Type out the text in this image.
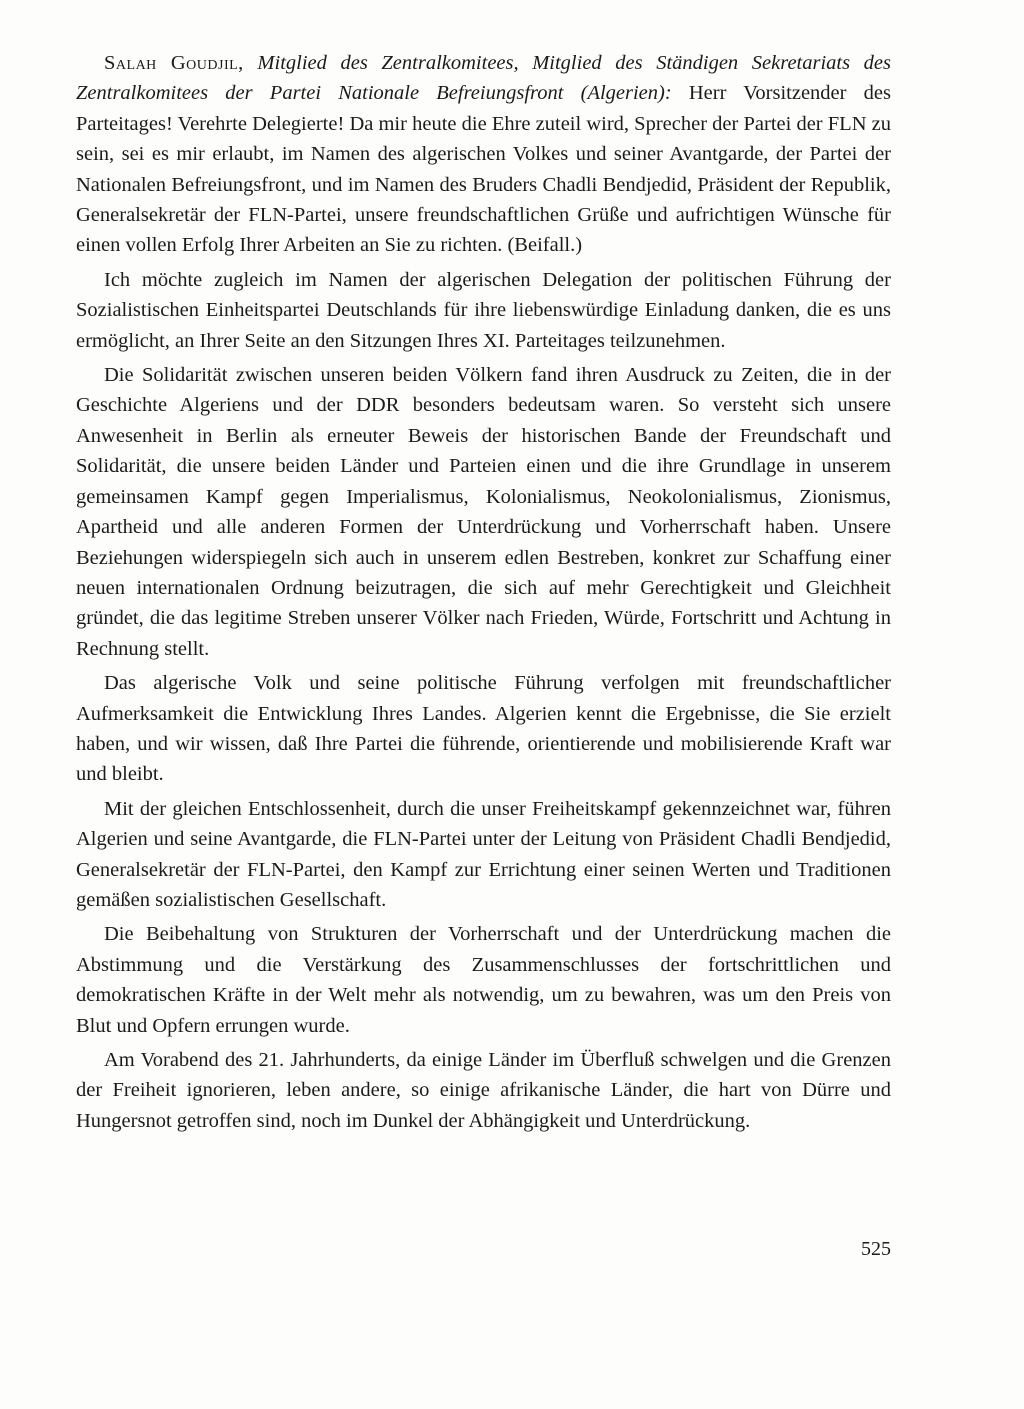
Salah Goudjil, Mitglied des Zentralkomitees, Mitglied des Ständigen Sekretariats des Zentralkomitees der Partei Nationale Befreiungsfront (Algerien): Herr Vorsitzender des Parteitages! Verehrte Delegierte! Da mir heute die Ehre zuteil wird, Sprecher der Partei der FLN zu sein, sei es mir erlaubt, im Namen des algerischen Volkes und seiner Avantgarde, der Partei der Nationalen Befreiungsfront, und im Namen des Bruders Chadli Bendjedid, Präsident der Republik, Generalsekretär der FLN-Partei, unsere freundschaftlichen Grüße und aufrichtigen Wünsche für einen vollen Erfolg Ihrer Arbeiten an Sie zu richten. (Beifall.)

Ich möchte zugleich im Namen der algerischen Delegation der politischen Führung der Sozialistischen Einheitspartei Deutschlands für ihre liebenswürdige Einladung danken, die es uns ermöglicht, an Ihrer Seite an den Sitzungen Ihres XI. Parteitages teilzunehmen.

Die Solidarität zwischen unseren beiden Völkern fand ihren Ausdruck zu Zeiten, die in der Geschichte Algeriens und der DDR besonders bedeutsam waren. So versteht sich unsere Anwesenheit in Berlin als erneuter Beweis der historischen Bande der Freundschaft und Solidarität, die unsere beiden Länder und Parteien einen und die ihre Grundlage in unserem gemeinsamen Kampf gegen Imperialismus, Kolonialismus, Neokolonialismus, Zionismus, Apartheid und alle anderen Formen der Unterdrückung und Vorherrschaft haben. Unsere Beziehungen widerspiegeln sich auch in unserem edlen Bestreben, konkret zur Schaffung einer neuen internationalen Ordnung beizutragen, die sich auf mehr Gerechtigkeit und Gleichheit gründet, die das legitime Streben unserer Völker nach Frieden, Würde, Fortschritt und Achtung in Rechnung stellt.

Das algerische Volk und seine politische Führung verfolgen mit freundschaftlicher Aufmerksamkeit die Entwicklung Ihres Landes. Algerien kennt die Ergebnisse, die Sie erzielt haben, und wir wissen, daß Ihre Partei die führende, orientierende und mobilisierende Kraft war und bleibt.

Mit der gleichen Entschlossenheit, durch die unser Freiheitskampf gekennzeichnet war, führen Algerien und seine Avantgarde, die FLN-Partei unter der Leitung von Präsident Chadli Bendjedid, Generalsekretär der FLN-Partei, den Kampf zur Errichtung einer seinen Werten und Traditionen gemäßen sozialistischen Gesellschaft.

Die Beibehaltung von Strukturen der Vorherrschaft und der Unterdrückung machen die Abstimmung und die Verstärkung des Zusammenschlusses der fortschrittlichen und demokratischen Kräfte in der Welt mehr als notwendig, um zu bewahren, was um den Preis von Blut und Opfern errungen wurde.

Am Vorabend des 21. Jahrhunderts, da einige Länder im Überfluß schwelgen und die Grenzen der Freiheit ignorieren, leben andere, so einige afrikanische Länder, die hart von Dürre und Hungersnot getroffen sind, noch im Dunkel der Abhängigkeit und Unterdrückung.

525
